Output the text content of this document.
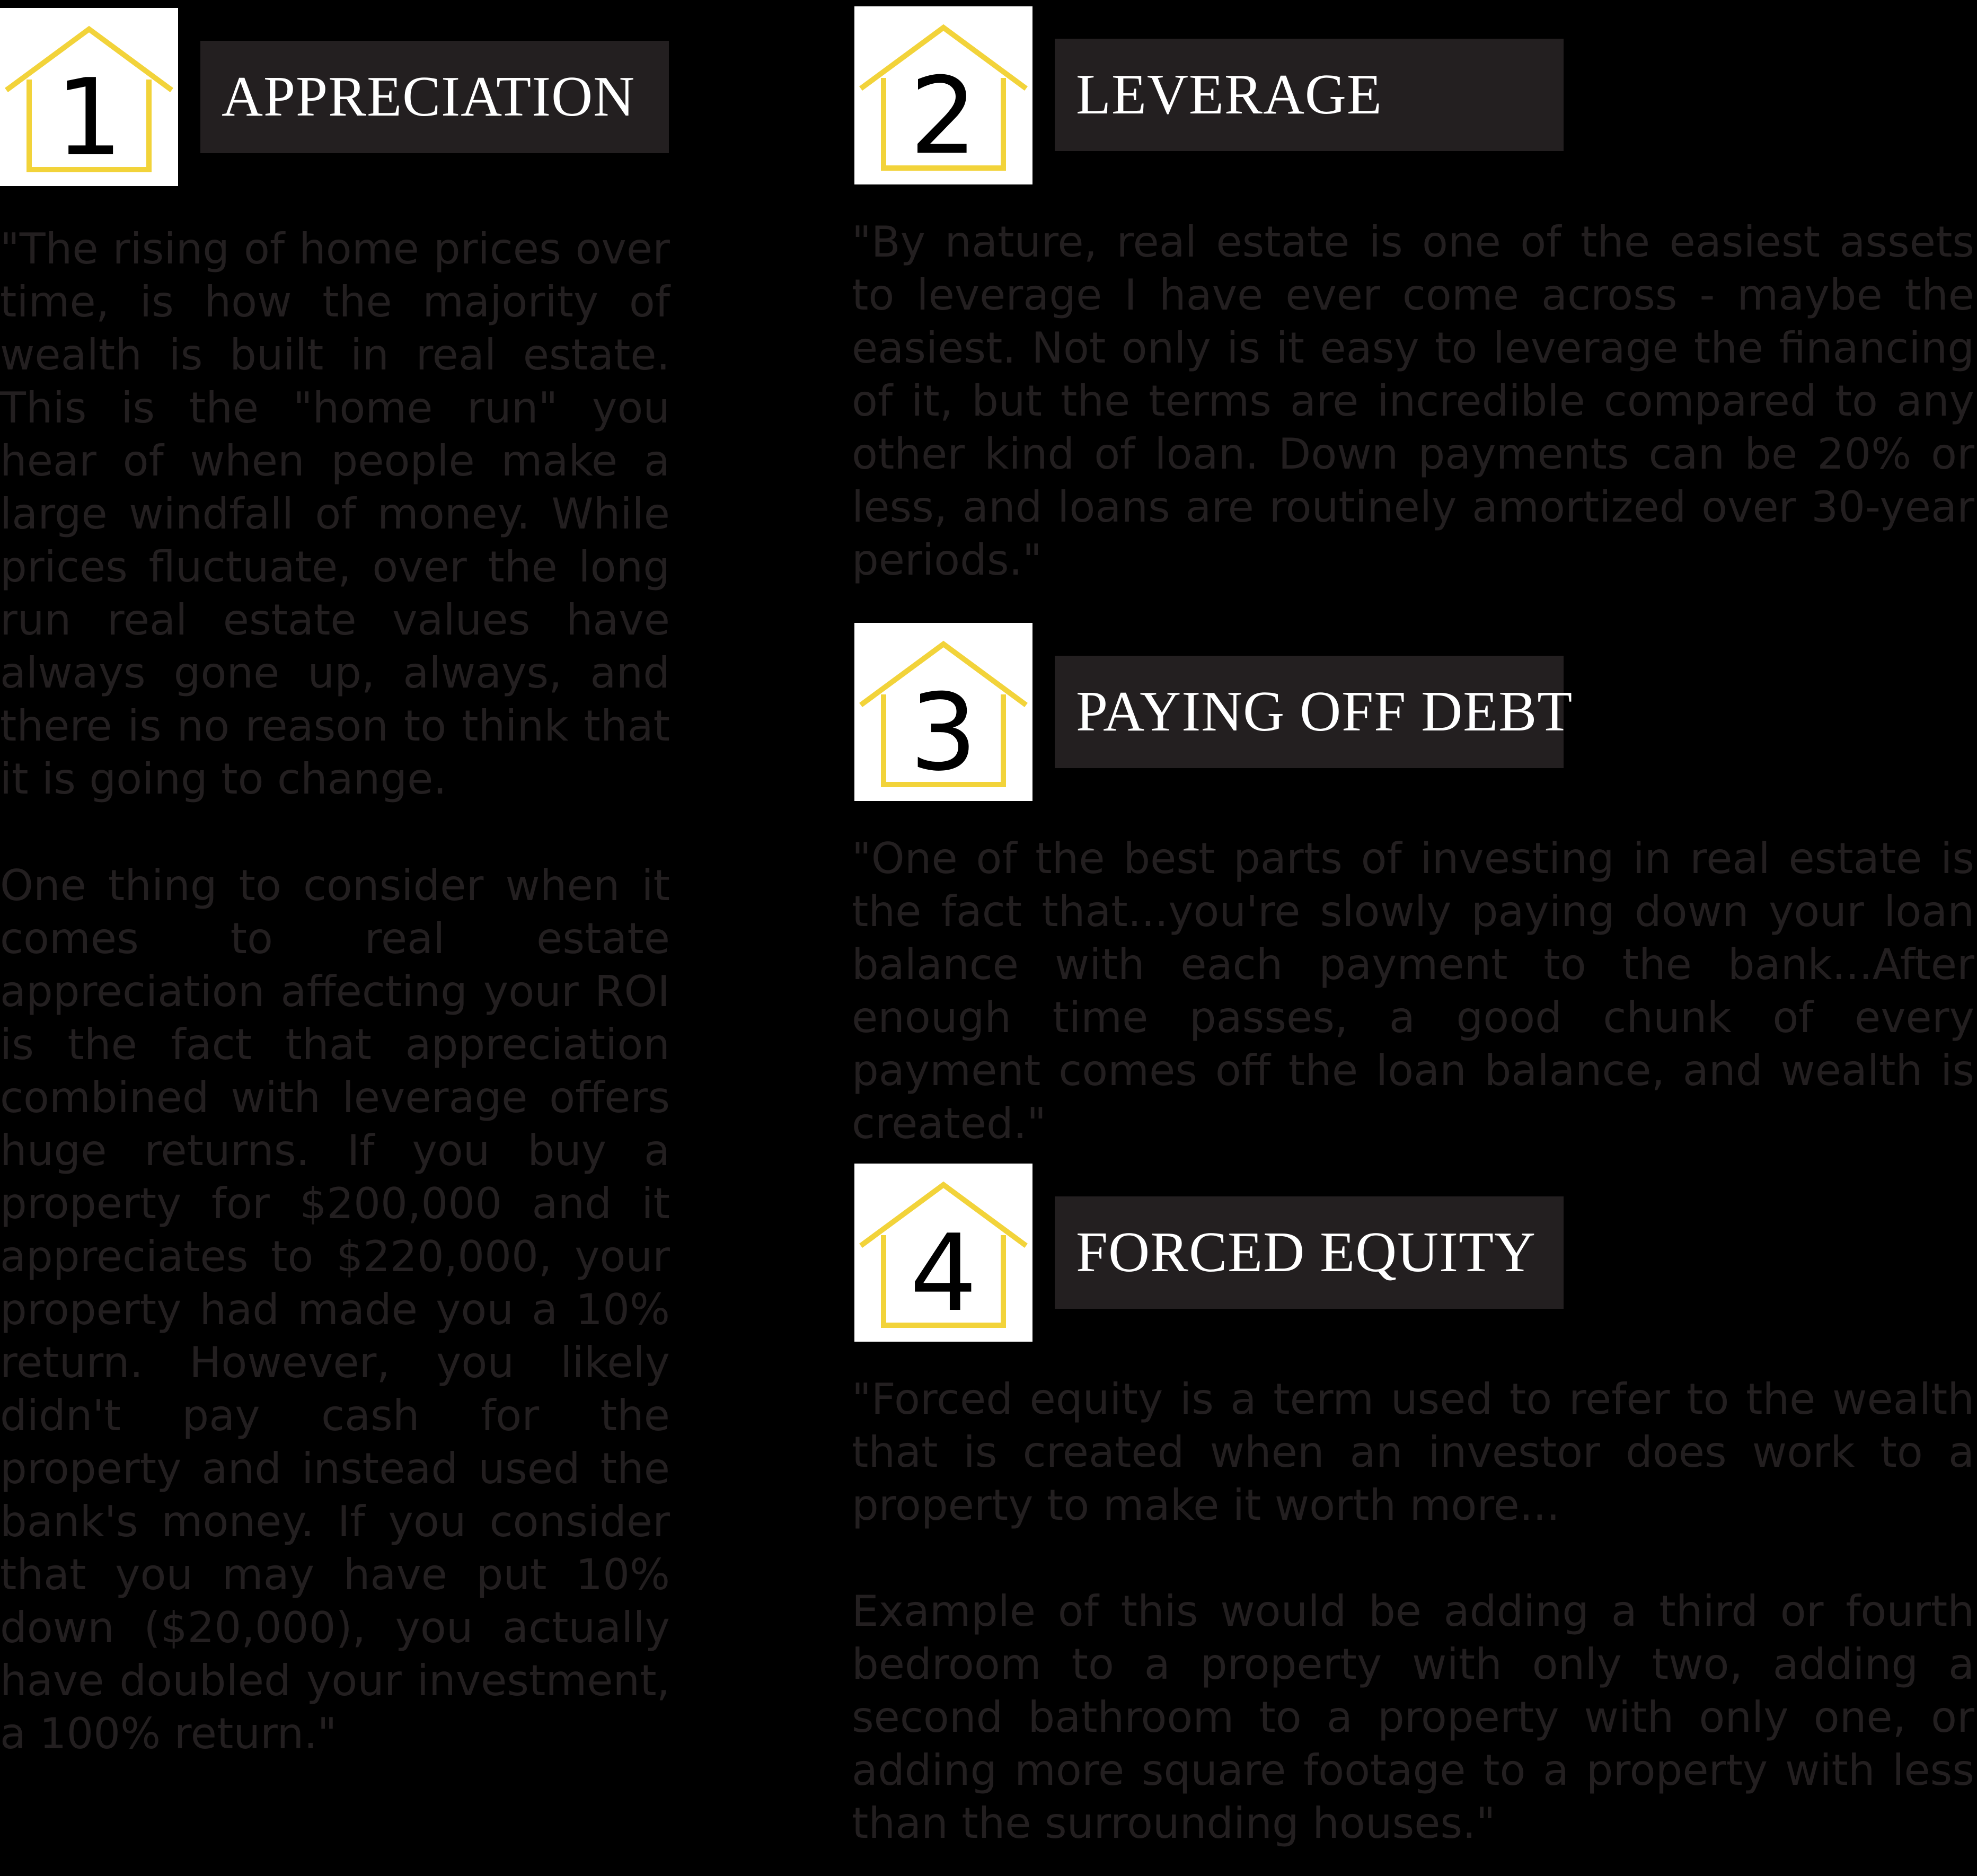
1	APPRECIATION

"The rising of home prices over time, is how the majority of wealth is built in real estate. This is the "home run" you hear of when people make a large windfall of money. While prices fluctuate, over the long run real estate values have always gone up, always, and there is no reason to think that it is going to change.

One thing to consider when it comes to real estate appreciation affecting your ROI is the fact that appreciation combined with leverage offers huge returns. If you buy a property for $200,000 and it appreciates to $220,000, your property had made you a 10% return. However, you likely didn't pay cash for the property and instead used the bank's money. If you consider that you may have put 10% down ($20,000), you actually have doubled your investment, a 100% return."

2	LEVERAGE

"By nature, real estate is one of the easiest assets to leverage I have ever come across - maybe the easiest. Not only is it easy to leverage the financing of it, but the terms are incredible compared to any other kind of loan. Down payments can be 20% or less, and loans are routinely amortized over 30-year periods."

3	PAYING OFF DEBT

"One of the best parts of investing in real estate is the fact that...you're slowly paying down your loan balance with each payment to the bank...After enough time passes, a good chunk of every payment comes off the loan balance, and wealth is created."

4	FORCED EQUITY

"Forced equity is a term used to refer to the wealth that is created when an investor does work to a property to make it worth more...

Example of this would be adding a third or fourth bedroom to a property with only two, adding a second bathroom to a property with only one, or adding more square footage to a property with less than the surrounding houses."
